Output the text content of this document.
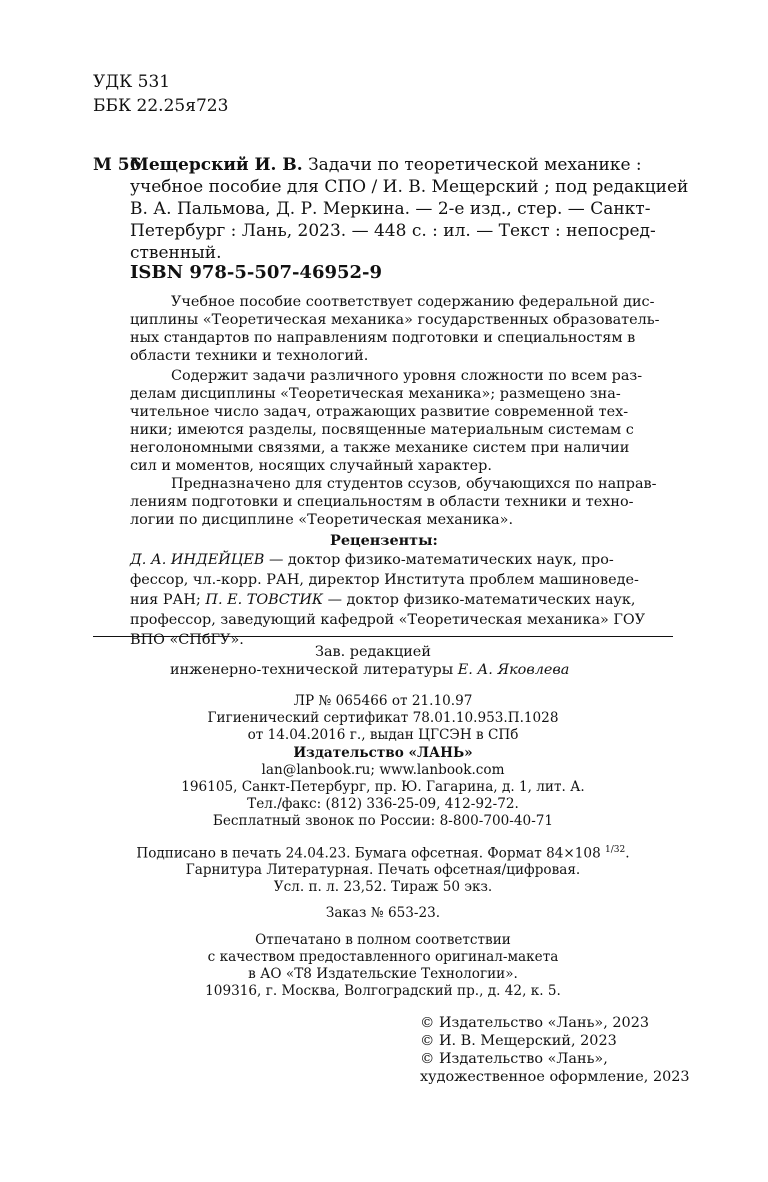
УДК 531
ББК 22.25я723
М 56
Мещерский И. В. Задачи по теоретической механике :
учебное пособие для СПО / И. В. Мещерский ; под редакцией
В. А. Пальмова, Д. Р. Меркина. — 2-е изд., стер. — Санкт-
Петербург : Лань, 2023. — 448 с. : ил. — Текст : непосред-
ственный.
ISBN 978-5-507-46952-9
Учебное пособие соответствует содержанию федеральной дис-
циплины «Теоретическая механика» государственных образователь-
ных стандартов по направлениям подготовки и специальностям в
области техники и технологий.
Содержит задачи различного уровня сложности по всем раз-
делам дисциплины «Теоретическая механика»; размещено зна-
чительное число задач, отражающих развитие современной тех-
ники; имеются разделы, посвященные материальным системам с
неголономными связями, а также механике систем при наличии
сил и моментов, носящих случайный характер.
Предназначено для студентов ссузов, обучающихся по направ-
лениям подготовки и специальностям в области техники и техно-
логии по дисциплине «Теоретическая механика».
Рецензенты:
Д. А. ИНДЕЙЦЕВ — доктор физико-математических наук, про-
фессор, чл.-корр. РАН, директор Института проблем машиноведе-
ния РАН; П. Е. ТОВСТИК — доктор физико-математических наук,
профессор, заведующий кафедрой «Теоретическая механика» ГОУ
ВПО «СПбГУ».
Зав. редакцией
инженерно-технической литературы Е. А. Яковлева
ЛР № 065466 от 21.10.97
Гигиенический сертификат 78.01.10.953.П.1028
от 14.04.2016 г., выдан ЦГСЭН в СПб
Издательство «ЛАНЬ»
lan@lanbook.ru; www.lanbook.com
196105, Санкт-Петербург, пр. Ю. Гагарина, д. 1, лит. А.
Тел./факс: (812) 336-25-09, 412-92-72.
Бесплатный звонок по России: 8-800-700-40-71
Подписано в печать 24.04.23. Бумага офсетная. Формат 84×108 $^{1/32}$.
Гарнитура Литературная. Печать офсетная/цифровая.
Усл. п. л. 23,52. Тираж 50 экз.
Заказ № 653-23.
Отпечатано в полном соответствии
с качеством предоставленного оригинал-макета
в АО «Т8 Издательские Технологии».
109316, г. Москва, Волгоградский пр., д. 42, к. 5.
© Издательство «Лань», 2023
© И. В. Мещерский, 2023
© Издательство «Лань»,
художественное оформление, 2023
